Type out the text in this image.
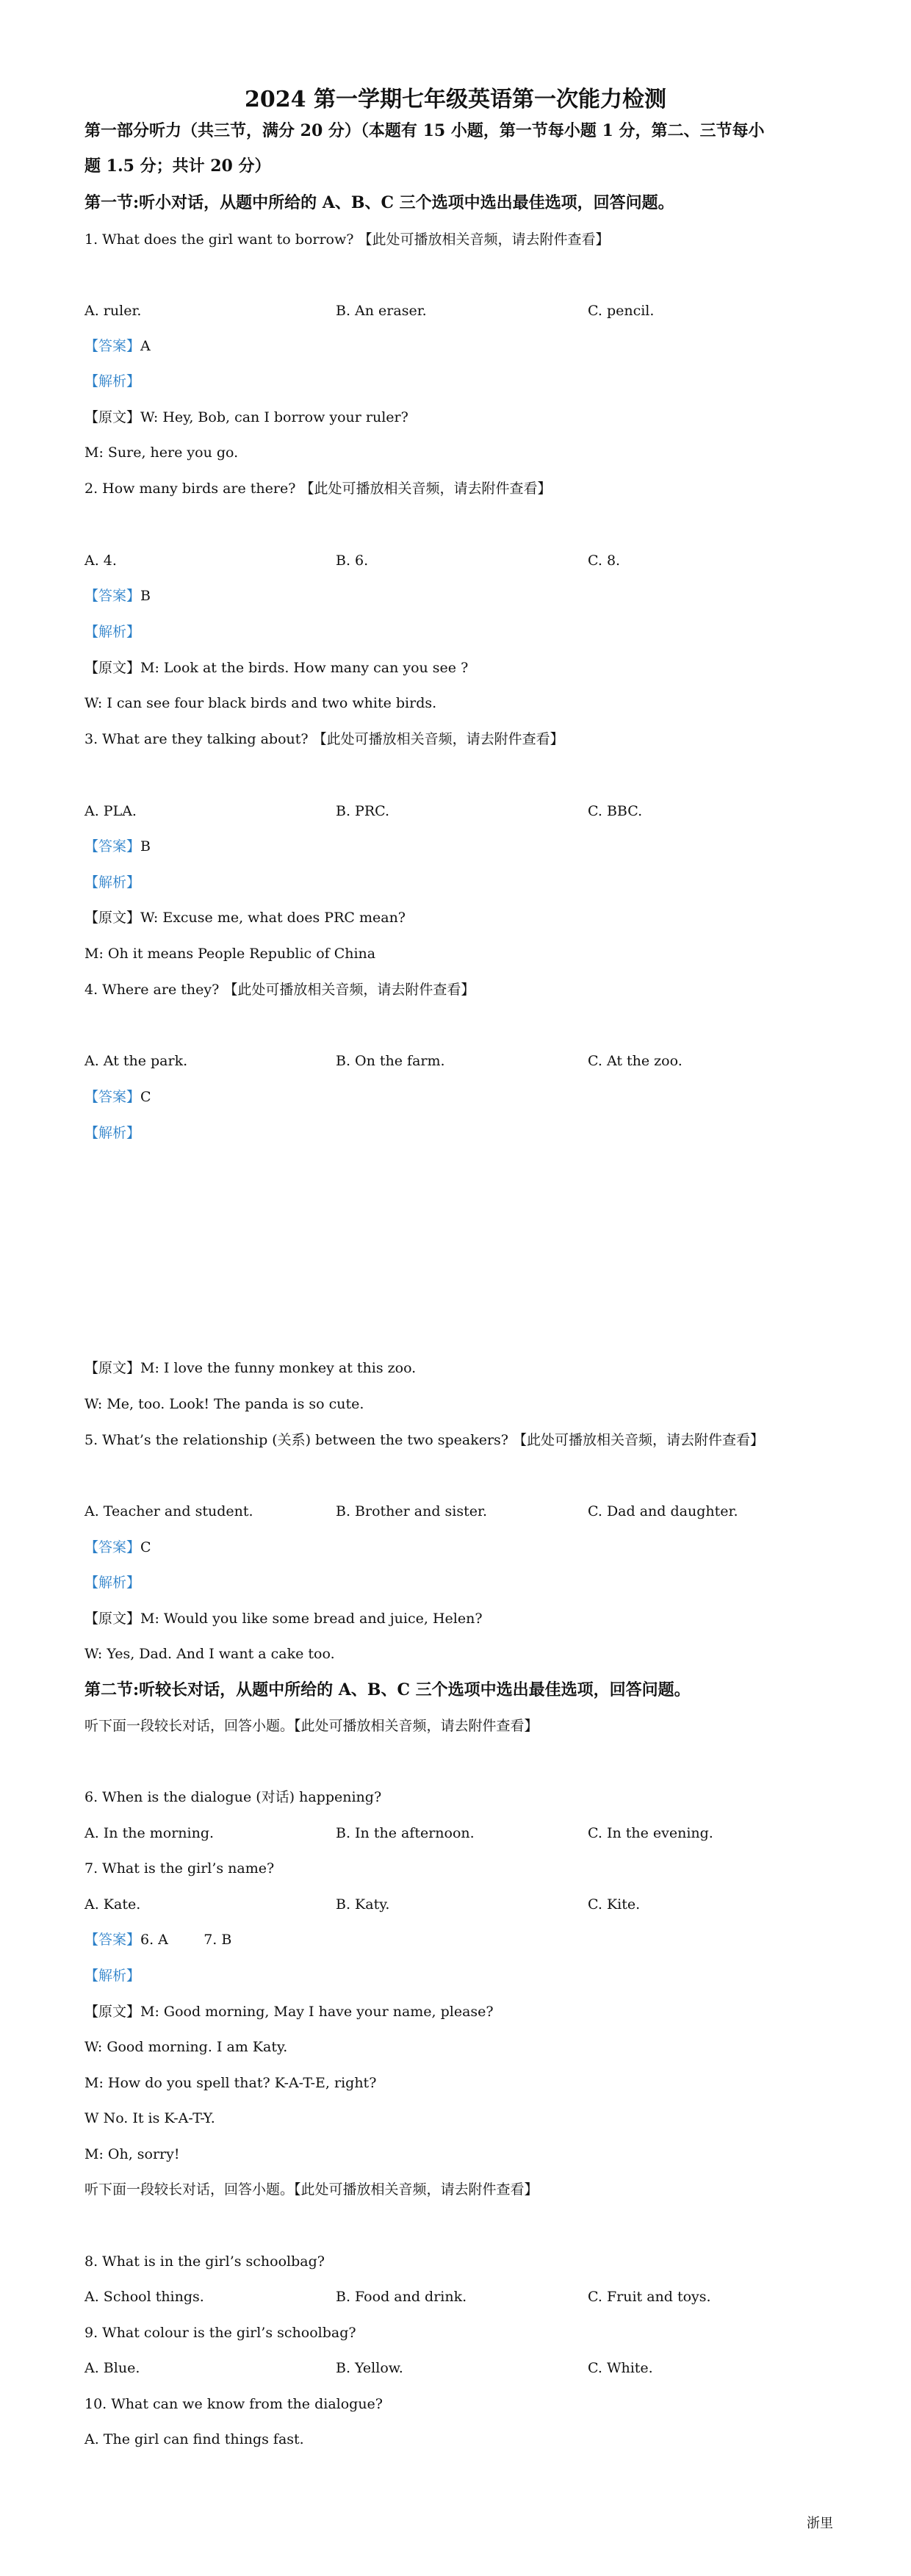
2024 第一学期七年级英语第一次能力检测
第一部分听力（共三节，满分 20 分）（本题有 15 小题，第一节每小题 1 分，第二、三节每小
题 1.5 分；共计 20 分）
第一节:听小对话，从题中所给的 A、B、C 三个选项中选出最佳选项，回答问题。
1. What does the girl want to borrow? 【此处可播放相关音频，请去附件查看】
A. ruler.	B. An eraser.	C. pencil.
【答案】A
【解析】
【原文】W: Hey, Bob, can I borrow your ruler?
M: Sure, here you go.
2. How many birds are there? 【此处可播放相关音频，请去附件查看】
A. 4.	B. 6.	C. 8.
【答案】B
【解析】
【原文】M: Look at the birds. How many can you see ?
W: I can see four black birds and two white birds.
3. What are they talking about? 【此处可播放相关音频，请去附件查看】
A. PLA.	B. PRC.	C. BBC.
【答案】B
【解析】
【原文】W: Excuse me, what does PRC mean?
M: Oh it means People Republic of China
4. Where are they? 【此处可播放相关音频，请去附件查看】
A. At the park.	B. On the farm.	C. At the zoo.
【答案】C
【解析】
【原文】M: I love the funny monkey at this zoo.
W: Me, too. Look! The panda is so cute.
5. What’s the relationship (关系) between the two speakers? 【此处可播放相关音频，请去附件查看】
A. Teacher and student.	B. Brother and sister.	C. Dad and daughter.
【答案】C
【解析】
【原文】M: Would you like some bread and juice, Helen?
W: Yes, Dad. And I want a cake too.
第二节:听较长对话，从题中所给的 A、B、C 三个选项中选出最佳选项，回答问题。
听下面一段较长对话，回答小题。【此处可播放相关音频，请去附件查看】
6. When is the dialogue (对话) happening?
A. In the morning.	B. In the afternoon.	C. In the evening.
7. What is the girl’s name?
A. Kate.	B. Katy.	C. Kite.
【答案】6. A        7. B
【解析】
【原文】M: Good morning, May I have your name, please?
W: Good morning. I am Katy.
M: How do you spell that? K-A-T-E, right?
W No. It is K-A-T-Y.
M: Oh, sorry!
听下面一段较长对话，回答小题。【此处可播放相关音频，请去附件查看】
8. What is in the girl’s schoolbag?
A. School things.	B. Food and drink.	C. Fruit and toys.
9. What colour is the girl’s schoolbag?
A. Blue.	B. Yellow.	C. White.
10. What can we know from the dialogue?
A. The girl can find things fast.
浙里
